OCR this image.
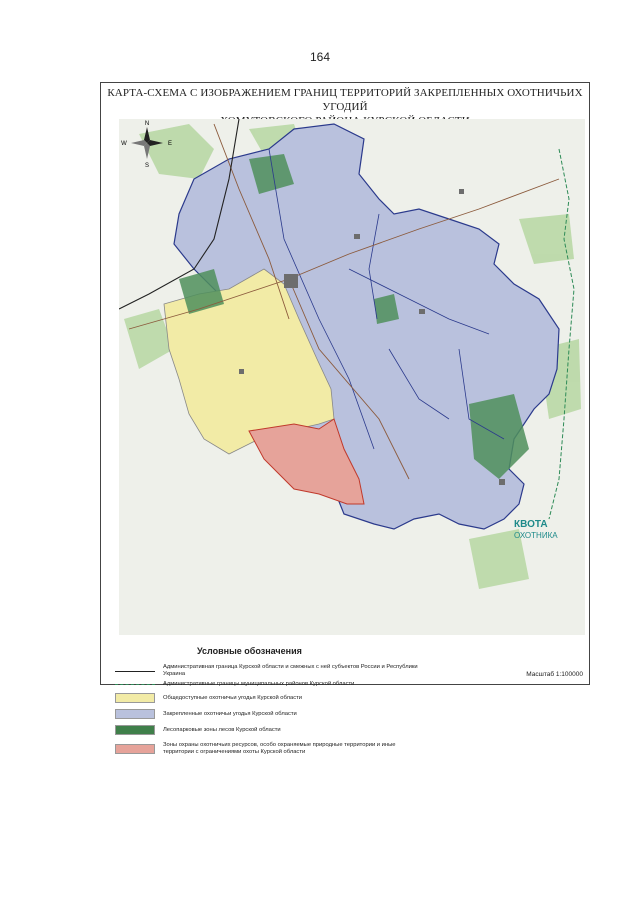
164
КАРТА-СХЕМА С ИЗОБРАЖЕНИЕМ ГРАНИЦ ТЕРРИТОРИЙ ЗАКРЕПЛЕННЫХ ОХОТНИЧЬИХ УГОДИЙ
N
S
W	E
КВОТА
ОХОТНИКА
Условные обозначения
Административная граница Курской области и смежных с ней субъектов России и Республики Украина
Административные границы муниципальных районов Курской области
Общедоступные охотничьи угодья Курской области
Закрепленные охотничьи угодья Курской области
Лесопарковые зоны лесов Курской области
Зоны охраны охотничьих ресурсов, особо охраняемые природные территории и иные территории с ограничениями охоты Курской области
Масштаб 1:100000
